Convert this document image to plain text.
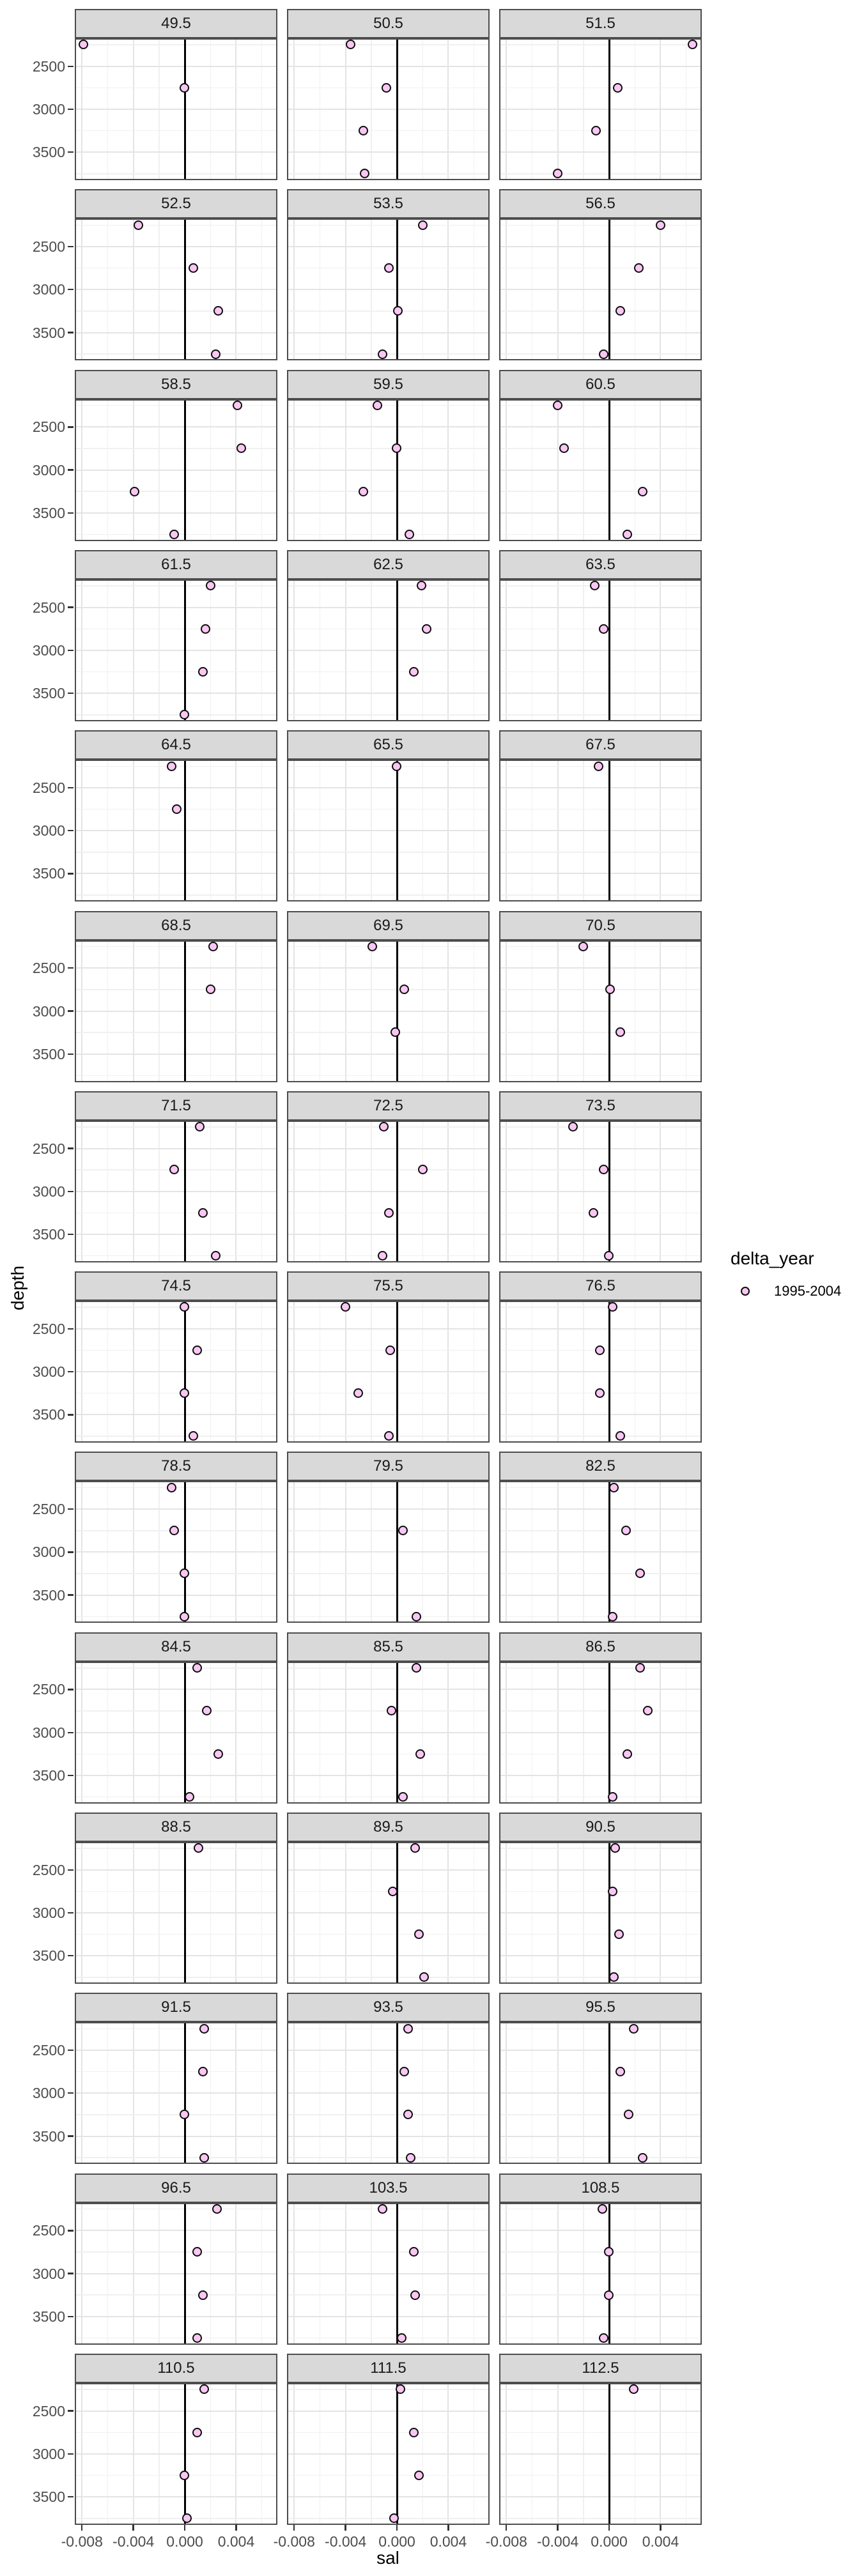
depth
49.5
2500
3000
3500
50.5	51.5
52.5
2500
3000
3500
53.5	56.5
58.5
2500
3000
3500
59.5	60.5
61.5
2500
3000
3500
62.5	63.5
64.5
2500
3000
3500
65.5	67.5
68.5
2500
3000
3500
69.5	70.5
71.5
2500
3000
3500
72.5	73.5
74.5
2500
3000
3500
75.5	76.5
78.5
2500
3000
3500
79.5	82.5
84.5
2500
3000
3500
85.5	86.5
88.5
2500
3000
3500
89.5	90.5
91.5
2500
3000
3500
93.5	95.5
96.5
2500
3000
3500
103.5	108.5
110.5
2500
3000
3500
111.5	112.5
-0.008 -0.004 0.000 0.004	-0.008 -0.004 0.000 0.004	-0.008 -0.004 0.000 0.004
sal
delta_year
1995-2004
